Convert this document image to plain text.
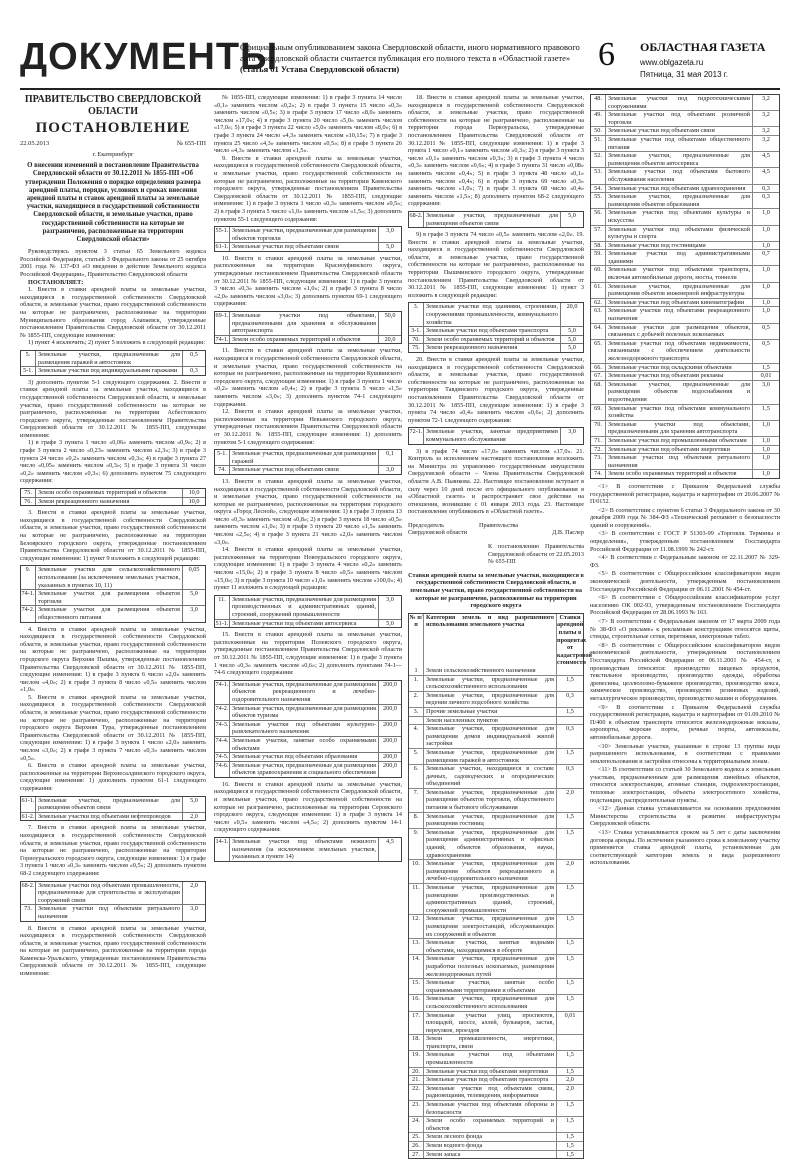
ДОКУМЕНТЫ
Официальным опубликованием закона Свердловской области, иного нормативного правового акта Свердловской области считается публикация его полного текста в «Областной газете» (статья 61 Устава Свердловской области)	6 ОБЛАСТНАЯ ГАЗЕТА
www.oblgazeta.ru
Пятница, 31 мая 2013 г.
ПРАВИТЕЛЬСТВО СВЕРДЛОВСКОЙ ОБЛАСТИ
ПОСТАНОВЛЕНИЕ
22.05.2013	№ 655-ПП
г. Екатеринбург
О внесении изменений в постановление Правительства Свердловской области от 30.12.2011 № 1855-ПП «Об утверждении Положения о порядке определения размера арендной платы, порядке, условиях и сроках внесения арендной платы и ставок арендной платы за земельные участки, находящиеся в государственной собственности Свердловской области, и земельные участки, право государственной собственности на которые не разграничено, расположенные на территории Свердловской области»

Руководствуясь пунктом 3 статьи 65 Земельного кодекса Российской Федерации, статьей 3 Федерального закона от 25 октября 2001 года № 137-ФЗ «О введении в действие Земельного кодекса Российской Федерации», Правительство Свердловской области

ПОСТАНОВЛЯЕТ:

1. Внести в ставки арендной платы за земельные участки, находящиеся в государственной собственности Свердловской области, и земельные участки, право государственной собственности на которые не разграничено, расположенные на территории Муниципального образования город Алапаевск, утвержденные постановлением Правительства Свердловской области от 30.12.2011 № 1855-ПП, следующие изменения:

1) пункт 4 исключить; 2) пункт 5 изложить в следующей редакции:

5.	Земельные участки, предназначенные для размещения гаражей и автостоянок
0,5
5-1. Земельные участки под индивидуальными гаражами	0,3

3) дополнить пунктом 5-1 следующего содержания. 2. Внести в ставки арендной платы за земельные участки, находящиеся в государственной собственности Свердловской области, и земельные участки, право государственной собственности на которые не разграничено, расположенные на территории Асбестовского городского округа, утвержденные постановлением Правительства Свердловской области от 30.12.2011 № 1855-ПП, следующие изменения:

1) в графе 3 пункта 1 число «0,06» заменить числом «0,9»; 2) в графе 3 пункта 2 число «0,23» заменить числом «2,3»; 3) в графе 3 пункта 24 число «0,2» заменить числом «0,3»; 4) в графе 3 пункта 27 число «0,05» заменить числом «0,3»; 5) в графе 3 пункта 31 число «0,2» заменить числом «0,3»; 6) дополнить пунктом 75 следующего содержания:

75. Земли особо охраняемых территорий и объектов	10,0
76. Земли рекреационного назначения	10,0

3. Внести в ставки арендной платы за земельные участки, находящиеся в государственной собственности Свердловской области, и земельные участки, право государственной собственности на которые не разграничено, расположенные на территории Белоярского городского округа, утвержденные постановлением Правительства Свердловской области от 30.12.2011 № 1855-ПП, следующие изменения: 1) пункт 9 изложить в следующей редакции:

9.	Земельные участки для сельскохозяйственного использования (за исключением земельных участков, указанных в пунктах 10, 11)
0,05
74-1. Земельные участки для размещения объектов торговли
5,0
74-2. Земельные участки для размещения объектов общественного питания
3,0

4. Внести в ставки арендной платы за земельные участки, находящиеся в государственной собственности Свердловской области, и земельные участки, право государственной собственности на которые не разграничено, расположенные на территории городского округа Верхняя Пышма, утвержденные постановлением Правительства Свердловской области от 30.12.2011 № 1855-ПП, следующие изменения: 1) в графе 3 пункта 6 число «2,0» заменить числом «4,0»; 2) в графе 3 пункта 8 число «0,5» заменить числом «1,0».

5. Внести в ставки арендной платы за земельные участки, находящиеся в государственной собственности Свердловской области, и земельные участки, право государственной собственности на которые не разграничено, расположенные на территории городского округа Верхняя Тура, утвержденные постановлением Правительства Свердловской области от 30.12.2011 № 1855-ПП, следующие изменения: 1) в графе 3 пункта 1 число «2,0» заменить числом «3,0»; 2) в графе 3 пункта 7 число «0,3» заменить числом «0,5».

6. Внести в ставки арендной платы за земельные участки, расположенные на территории Верхнесалдинского городского округа, следующие изменения: 1) дополнить пунктом 61-1 следующего содержания:

61-1. Земельные участки, предназначенные для размещения объектов связи
5,0
61-2. Земельные участки под объектами нефтепроводов	2,0

7. Внести в ставки арендной платы за земельные участки, находящиеся в государственной собственности Свердловской области, и земельные участки, право государственной собственности на которые не разграничено, расположенные на территории Горноуральского городского округа, следующие изменения: 1) в графе 3 пункта 1 число «0,3» заменить числом «0,5»; 2) дополнить пунктом 68-2 следующего содержания:

68-2. Земельные участки под объектами промышленности, предназначенные для строительства и эксплуатации сооружений связи
2,0
73. Земельные участки под объектами ритуального назначения
3,0

8. Внести в ставки арендной платы за земельные участки, находящиеся в государственной собственности Свердловской области, и земельные участки, право государственной собственности на которые не разграничено, расположенные на территории города Каменска-Уральского, утвержденные постановлением Правительства Свердловской области от 30.12.2011 № 1855-ПП, следующие изменения:

№ 1855-ПП, следующие изменения: 1) в графе 3 пункта 14 число «0,1» заменить числом «0,2»; 2) в графе 3 пункта 15 число «0,3» заменить числом «0,5»; 3) в графе 3 пункта 17 число «8,0» заменить числом «17,0»; 4) в графе 3 пункта 20 число «5,0» заменить числом «17,0»; 5) в графе 3 пункта 22 число «5,0» заменить числом «8,0»; 6) в графе 3 пункта 24 число «4,3» заменить числом «10,15»; 7) в графе 3 пункта 25 число «4,3» заменить числом «0,5»; 8) в графе 3 пункта 26 число «4,3» заменить числом «1,5».

9. Внести в ставки арендной платы за земельные участки, находящиеся в государственной собственности Свердловской области, и земельные участки, право государственной собственности на которые не разграничено, расположенные на территории Каменского городского округа, утвержденные постановлением Правительства Свердловской области от 30.12.2011 № 1855-ПП, следующие изменения: 1) в графе 3 пункта 1 число «0,3» заменить числом «0,5»; 2) в графе 3 пункта 5 число «1,0» заменить числом «1,5»; 3) дополнить пунктом 55-1 следующего содержания:

55-1. Земельные участки, предназначенные для размещения объектов торговли
3,0
61-1. Земельные участки под объектами связи	5,0

10. Внести в ставки арендной платы за земельные участки, расположенные на территории Красноуфимского округа, утвержденные постановлением Правительства Свердловской области от 30.12.2011 № 1855-ПП, следующие изменения: 1) в графе 3 пункта 3 число «0,3» заменить числом «1,0»; 2) в графе 3 пункта 8 число «2,0» заменить числом «3,0»; 3) дополнить пунктом 69-1 следующего содержания:

69-1. Земельные участки под объектами, предназначенными для хранения и обслуживания автотранспорта
50,0
74-1. Земли особо охраняемых территорий и объектов	20,0

11. Внести в ставки арендной платы за земельные участки, находящиеся в государственной собственности Свердловской области, и земельные участки, право государственной собственности на которые не разграничено, расположенные на территории Кушвинского городского округа, следующие изменения: 1) в графе 3 пункта 1 число «0,2» заменить числом «0,4»; 2) в графе 3 пункта 5 число «1,5» заменить числом «3,0»; 3) дополнить пунктом 74-1 следующего содержания.

12. Внести в ставки арендной платы за земельные участки, расположенные на территории Невьянского городского округа, утвержденные постановлением Правительства Свердловской области от 30.12.2011 № 1855-ПП, следующие изменения: 1) дополнить пунктом 5-1 следующего содержания:

5-1. Земельные участки, предназначенные для размещения гаражей
0,1
74. Земельные участки под объектами связи	3,0

13. Внести в ставки арендной платы за земельные участки, находящиеся в государственной собственности Свердловской области, и земельные участки, право государственной собственности на которые не разграничено, расположенные на территории городского округа «Город Лесной», следующие изменения: 1) в графе 3 пункта 13 число «0,3» заменить числом «0,8»; 2) в графе 3 пункта 18 число «0,5» заменить числом «1,0»; 3) в графе 3 пункта 20 число «1,5» заменить числом «2,5»; 4) в графе 3 пункта 21 число «2,0» заменить числом «3,0».

14. Внести в ставки арендной платы за земельные участки, расположенные на территории Новоуральского городского округа, следующие изменения: 1) в графе 3 пункта 4 число «0,2» заменить числом «15,0»; 2) в графе 3 пункта 8 число «0,5» заменить числом «15,0»; 3) в графе 3 пункта 10 число «1,0» заменить числом «100,0»; 4) пункт 11 изложить в следующей редакции:

11.	Земельные участки, предназначенные для размещения производственных и административных зданий, строений, сооружений промышленности
3,0
51-1. Земельные участки под объектами автосервиса	5,0

15. Внести в ставки арендной платы за земельные участки, расположенные на территории Полевского городского округа, утвержденные постановлением Правительства Свердловской области от 30.12.2011 № 1855-ПП, следующие изменения: 1) в графе 3 пункта 1 число «0,3» заменить числом «0,6»; 2) дополнить пунктами 74-1—74-6 следующего содержания:

74-1. Земельные участки, предназначенные для размещения объектов рекреационного и лечебно-оздоровительного назначения
200,0
74-2. Земельные участки, предназначенные для размещения объектов туризма
200,0
74-3. Земельные участки под объектами культурно-развлекательного назначения
200,0
74-4. Земельные участки, занятые особо охраняемыми объектами
200,0
74-5. Земельные участки под объектами образования	200,0
74-6. Земельные участки, предназначенные для размещения объектов здравоохранения и социального обеспечения
200,0

16. Внести в ставки арендной платы за земельные участки, находящиеся в государственной собственности Свердловской области, и земельные участки, право государственной собственности на которые не разграничено, расположенные на территории Серовского городского округа, следующие изменения: 1) в графе 3 пункта 14 число «0,5» заменить числом «4,5»; 2) дополнить пунктом 14-1 следующего содержания:

14-1. Земельные участки под объектами нежилого назначения (за исключением земельных участков, указанных в пункте 14)
4,5

18. Внести в ставки арендной платы за земельные участки, находящиеся в государственной собственности Свердловской области, и земельные участки, право государственной собственности на которые не разграничено, расположенные на территории города Первоуральска, утвержденные постановлением Правительства Свердловской области от 30.12.2011 № 1855-ПП, следующие изменения: 1) в графе 3 пункта 1 число «0,1» заменить числом «0,3»; 2) в графе 3 пункта 3 число «0,1» заменить числом «0,3»; 3) в графе 3 пункта 4 число «0,3» заменить числом «0,6»; 4) в графе 3 пункта 31 число «0,08» заменить числом «0,4»; 5) в графе 3 пункта 48 число «0,1» заменить числом «0,4»; 6) в графе 3 пункта 69 число «0,3» заменить числом «1,0»; 7) в графе 3 пункта 68 число «0,4» заменить числом «1,5»; 8) дополнить пунктом 68-2 следующего содержания:

68-2. Земельные участки, предназначенные для размещения объектов связи
5,0

9) в графе 3 пункта 74 число «0,5» заменить числом «2,0». 19. Внести в ставки арендной платы за земельные участки, находящиеся в государственной собственности Свердловской области, и земельные участки, право государственной собственности на которые не разграничено, расположенные на территории Пышминского городского округа, утвержденные постановлением Правительства Свердловской области от 30.12.2011 № 1855-ПП, следующие изменения: 1) пункт 3 изложить в следующей редакции:

3.	Земельные участки под зданиями, строениями, сооружениями промышленности, коммунального хозяйства
20,0
3-1. Земельные участки под объектами транспорта	5,0
70. Земли особо охраняемых территорий и объектов	5,0
75. Земли рекреационного назначения	5,0

20. Внести в ставки арендной платы за земельные участки, находящиеся в государственной собственности Свердловской области, и земельные участки, право государственной собственности на которые не разграничено, расположенные на территории Тавдинского городского округа, утвержденные постановлением Правительства Свердловской области от 30.12.2011 № 1855-ПП, следующие изменения: 1) в графе 3 пункта 74 число «0,4» заменить числом «0,6»; 2) дополнить пунктом 72-1 следующего содержания:

72-1. Земельные участки, занятые предприятиями коммунального обслуживания
3,0

3) в графе 74 число «17,0» заменить числом «17,0». 21. Контроль за исполнением настоящего постановления возложить на Министра по управлению государственным имуществом Свердловской области – Члена Правительства Свердловской области А.В. Пьянкова. 22. Настоящее постановление вступает в силу через 10 дней после его официального опубликования в «Областной газете» и распространяет свое действие на отношения, возникшие с 01 января 2013 года. 23. Настоящее постановление опубликовать в «Областной газете».

Председатель Правительства Свердловской области	Д.В. Паслер
К постановлению Правительства Свердловской области от 22.05.2013 № 655-ПП
Ставки арендной платы за земельные участки, находящиеся в государственной собственности Свердловской области, и земельные участки, право государственной собственности на которые не разграничено, расположенные на территории городского округа
№ п/п
Категория земель и вид разрешенного использования земельного участка
Ставки арендной платы в процентах от кадастровой стоимости
1	Земли сельскохозяйственного назначения
1.	Земельные участки, предназначенные для сельскохозяйственного использования
1,5
2.	Земельные участки, предназначенные для ведения личного подсобного хозяйства
0,3
3.	Прочие земельные участки	1,5
Земли населенных пунктов
4.	Земельные участки, предназначенные для размещения домов индивидуальной жилой застройки
0,3
5.	Земельные участки, предназначенные для размещения гаражей и автостоянок
1,5
6.	Земельные участки, находящиеся в составе дачных, садоводческих и огороднических объединений
0,3
7.	Земельные участки, предназначенные для размещения объектов торговли, общественного питания и бытового обслуживания
2,0
8.	Земельные участки, предназначенные для размещения гостиниц
1,5
9.	Земельные участки, предназначенные для размещения административных и офисных зданий, объектов образования, науки, здравоохранения
1,5
10. Земельные участки, предназначенные для размещения объектов рекреационного и лечебно-оздоровительного назначения
2,0
11.	Земельные участки, предназначенные для размещения производственных и административных зданий, строений, сооружений промышленности
1,5
12. Земельные участки, предназначенные для размещения электростанций, обслуживающих их сооружений и объектов
1,5
13. Земельные участки, занятые водными объектами, находящимися в обороте
1,5
14. Земельные участки, предназначенные для разработки полезных ископаемых, размещения железнодорожных путей
1,5
15. Земельные участки, занятые особо охраняемыми территориями и объектами
1,5
16. Земельные участки, предназначенные для сельскохозяйственного использования
1,5
17. Земельные участки улиц, проспектов, площадей, шоссе, аллей, бульваров, застав, переулков, проездов
0,01
18. Земли промышленности, энергетики, транспорта, связи
19. Земельные участки под объектами промышленности
1,5
20. Земельные участки под объектами энергетики	1,5
21. Земельные участки под объектами транспорта	2,0
22. Земельные участки под объектами связи, радиовещания, телевидения, информатики
2,0
23. Земельные участки под объектами обороны и безопасности
1,5
24. Земли особо охраняемых территорий и объектов
1,5
25. Земли лесного фонда	1,5
26. Земли водного фонда	1,5
27. Земли запаса	1,5
48. Земельные участки под гидротехническими сооружениями
3,2
49. Земельные участки под объектами розничной торговли
3,2
50. Земельные участки под объектами связи	3,2
51. Земельные участки под объектами общественного питания
3,2
52. Земельные участки, предназначенные для размещения объектов автосервиса
4,5
53. Земельные участки под объектами бытового обслуживания населения
4,5
54. Земельные участки под объектами здравоохранения	0,3
55. Земельные участки, предназначенные для размещения объектов образования
0,3
56. Земельные участки под объектами культуры и искусства
1,0
57. Земельные участки под объектами физической культуры и спорта
1,0
58. Земельные участки под гостиницами	1,0
59. Земельные участки под административными зданиями
0,7
60. Земельные участки под объектами транспорта, включая автомобильные дороги, мосты, тоннели
1,0
61. Земельные участки, предназначенные для размещения объектов инженерной инфраструктуры
1,0
62. Земельные участки под объектами кинематографии	1,0
63. Земельные участки под объектами рекреационного назначения
1,0
64. Земельные участки для размещения объектов, связанных с добычей полезных ископаемых
0,5
65. Земельные участки под объектами недвижимости, связанными с обеспечением деятельности железнодорожного транспорта
0,5
66. Земельные участки под складскими объектами	1,5
67. Земельные участки под объектами рекламы	0,01
68. Земельные участки, предназначенные для размещения объектов водоснабжения и водоотведения
3,0
69. Земельные участки под объектами коммунального хозяйства
1,5
70. Земельные участки под объектами, предназначенными для хранения автотранспорта
1,0
71. Земельные участки под промышленными объектами	1,0
72. Земельные участки под объектами энергетики	1,0
73. Земельные участки под объектами ритуального назначения
1,0
74. Земли особо охраняемых территорий и объектов	1,0

<1> В соответствии с Приказом Федеральной службы государственной регистрации, кадастра и картографии от 20.06.2007 № П/0152.

<2> В соответствии с пунктом 6 статьи 3 Федерального закона от 30 декабря 2009 года № 384-ФЗ «Технический регламент о безопасности зданий и сооружений».

<3> В соответствии с ГОСТ Р 51303-99 «Торговля. Термины и определения», утвержденным постановлением Госстандарта Российской Федерации от 11.08.1999 № 242-ст.

<4> В соответствии с Федеральным законом от 22.11.2007 № 329-ФЗ.

<5> В соответствии с Общероссийским классификатором видов экономической деятельности, утвержденным постановлением Госстандарта Российской Федерации от 06.11.2001 № 454-ст.

<6> В соответствии с Общероссийским классификатором услуг населению ОК 002-93, утвержденным постановлением Госстандарта Российской Федерации от 28.06.1993 № 163.

<7> В соответствии с Федеральным законом от 17 марта 2009 года № 38-ФЗ «О рекламе» к рекламным конструкциям относятся щиты, стенды, строительные сетки, перетяжки, электронные табло.

<8> В соответствии с Общероссийским классификатором видов экономической деятельности, утвержденным постановлением Госстандарта Российской Федерации от 06.11.2001 № 454-ст, к производствам относятся: производство пищевых продуктов, текстильное производство, производство одежды, обработка древесины, целлюлозно-бумажное производство, производство кокса, химическое производство, производство резиновых изделий, металлургическое производство, производство машин и оборудования.

<9> В соответствии с Приказом Федеральной службы государственной регистрации, кадастра и картографии от 01.09.2010 № П/400 к объектам транспорта относятся железнодорожные вокзалы, аэропорты, морские порты, речные порты, автовокзалы, автомобильные дороги.

<10> Земельные участки, указанные в строке 13 группы вида разрешенного использования, в соответствии с правилами землепользования и застройки отнесены к территориальным зонам.

<11> В соответствии со статьей 30 Земельного кодекса к земельным участкам, предназначенным для размещения линейных объектов, относятся электростанции, атомные станции, гидроэлектростанции, тепловые электростанции, объекты электросетевого хозяйства, подстанции, распределительные пункты.

<12> Данная ставка устанавливается на основании предложения Министерства строительства и развития инфраструктуры Свердловской области.

<13> Ставка устанавливается сроком на 5 лет с даты заключения договора аренды. По истечении указанного срока к земельному участку применяется ставка арендной платы, установленная для соответствующей категории земель и вида разрешенного использования.
